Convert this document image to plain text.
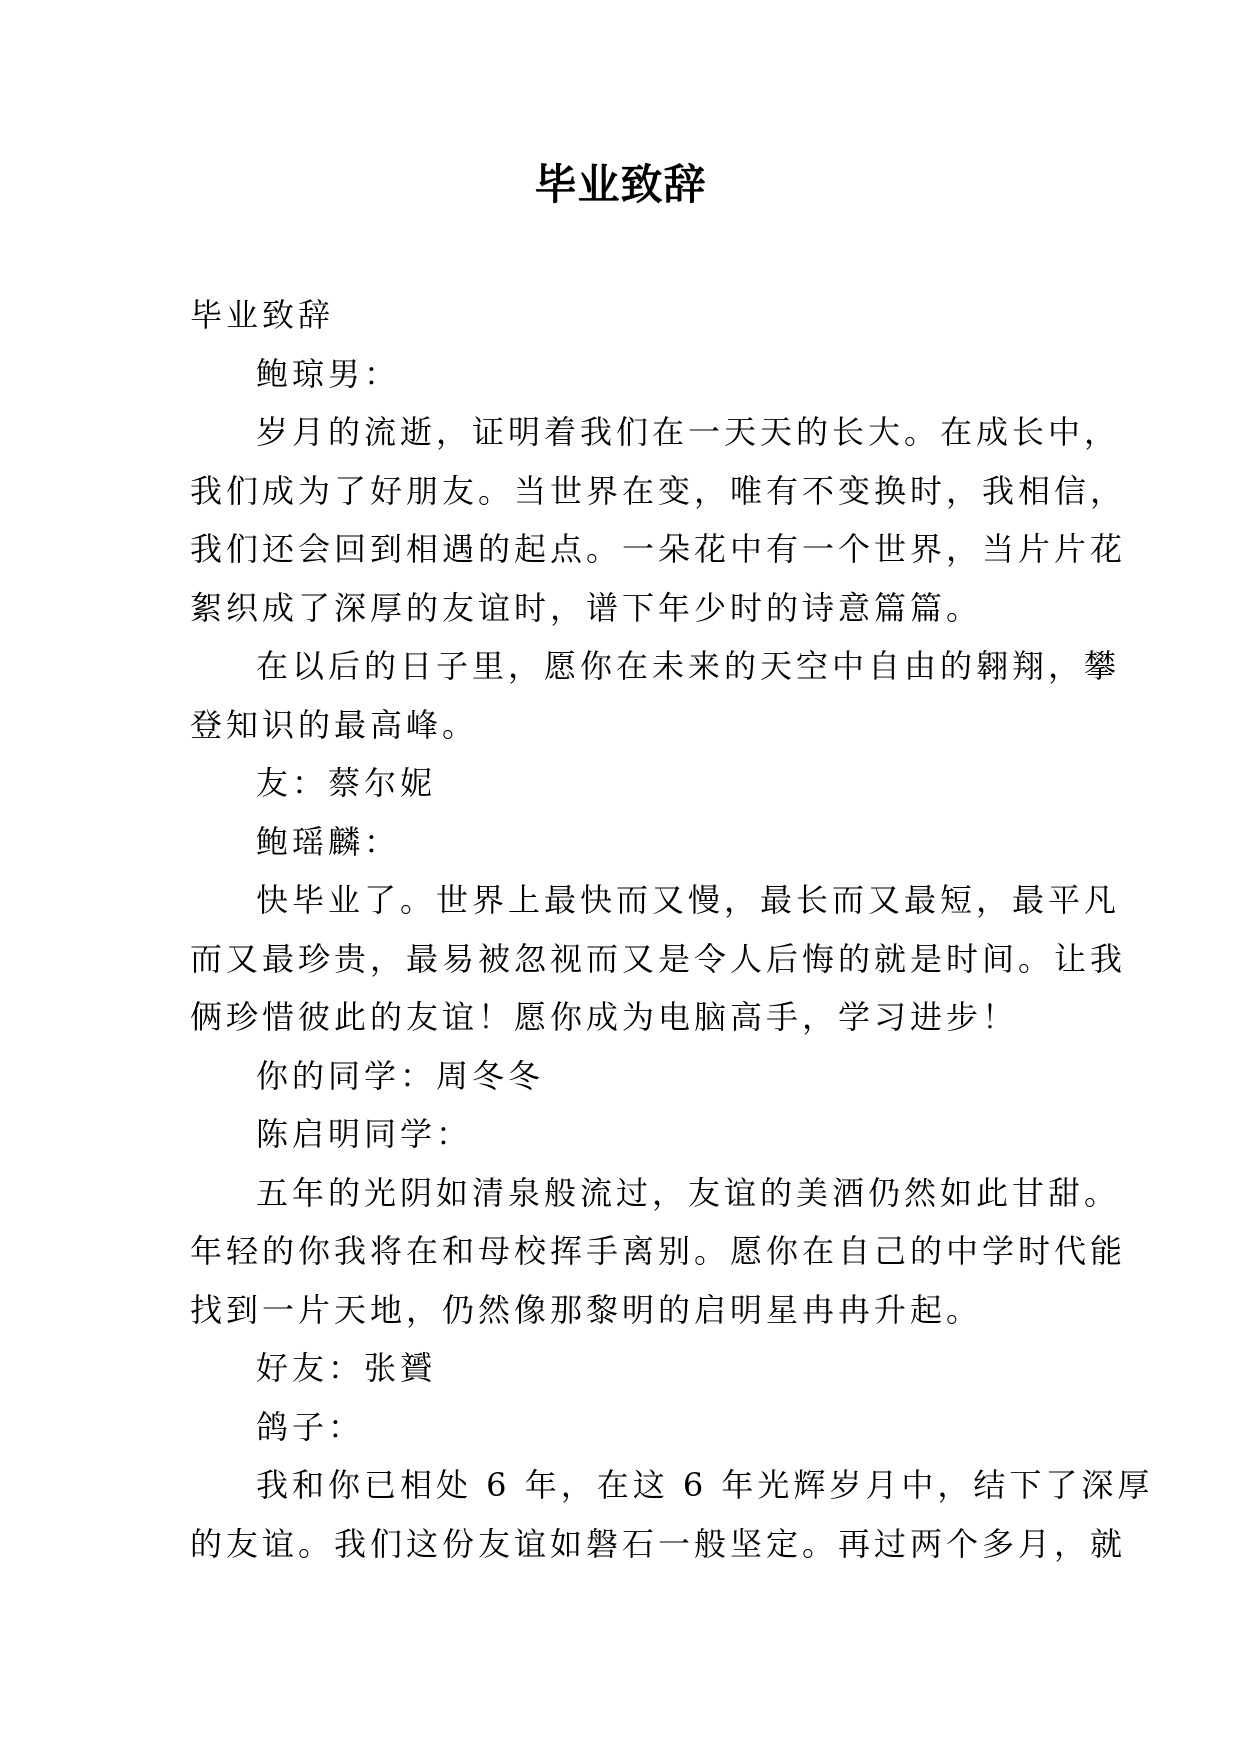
毕业致辞

毕业致辞

鲍琼男：

岁月的流逝，证明着我们在一天天的长大。在成长中，

我们成为了好朋友。当世界在变，唯有不变换时，我相信，

我们还会回到相遇的起点。一朵花中有一个世界，当片片花

絮织成了深厚的友谊时，谱下年少时的诗意篇篇。

在以后的日子里，愿你在未来的天空中自由的翱翔，攀

登知识的最高峰。

友：蔡尔妮

鲍瑶麟：

快毕业了。世界上最快而又慢，最长而又最短，最平凡

而又最珍贵，最易被忽视而又是令人后悔的就是时间。让我

俩珍惜彼此的友谊！愿你成为电脑高手，学习进步！

你的同学：周冬冬

陈启明同学：

五年的光阴如清泉般流过，友谊的美酒仍然如此甘甜。

年轻的你我将在和母校挥手离别。愿你在自己的中学时代能

找到一片天地，仍然像那黎明的启明星冉冉升起。

好友：张贇

鸽子：

我和你已相处 6 年，在这 6 年光辉岁月中，结下了深厚

的友谊。我们这份友谊如磐石一般坚定。再过两个多月，就
